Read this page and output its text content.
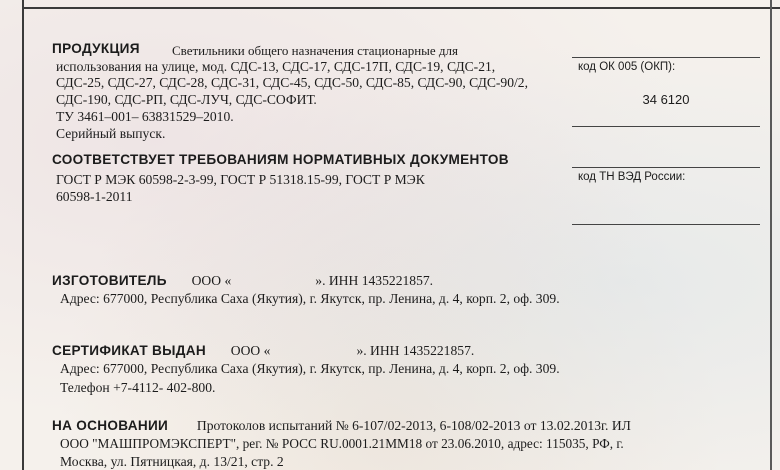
ПРОДУКЦИЯ Светильники общего назначения стационарные для
использования на улице, мод. СДС-13, СДС-17, СДС-17П, СДС-19, СДС-21,
СДС-25, СДС-27, СДС-28, СДС-31, СДС-45, СДС-50, СДС-85, СДС-90, СДС-90/2,
СДС-190, СДС-РП, СДС-ЛУЧ, СДС-СОФИТ.
ТУ 3461–001– 63831529–2010.
Серийный выпуск.
код ОК 005 (ОКП):
34 6120
СООТВЕТСТВУЕТ ТРЕБОВАНИЯМ НОРМАТИВНЫХ ДОКУМЕНТОВ
ГОСТ Р МЭК 60598-2-3-99, ГОСТ Р 51318.15-99, ГОСТ Р МЭК
60598-1-2011
код ТН ВЭД России:
ИЗГОТОВИТЕЛЬ ООО «	». ИНН 1435221857.
Адрес: 677000, Республика Саха (Якутия), г. Якутск, пр. Ленина, д. 4, корп. 2, оф. 309.
СЕРТИФИКАТ ВЫДАН ООО «	». ИНН 1435221857.
Адрес: 677000, Республика Саха (Якутия), г. Якутск, пр. Ленина, д. 4, корп. 2, оф. 309.
Телефон +7-4112- 402-800.
НА ОСНОВАНИИ Протоколов испытаний № 6-107/02-2013, 6-108/02-2013 от 13.02.2013г. ИЛ
ООО "МАШПРОМЭКСПЕРТ", рег. № РОСС RU.0001.21ММ18 от 23.06.2010, адрес: 115035, РФ, г.
Москва, ул. Пятницкая, д. 13/21, стр. 2
